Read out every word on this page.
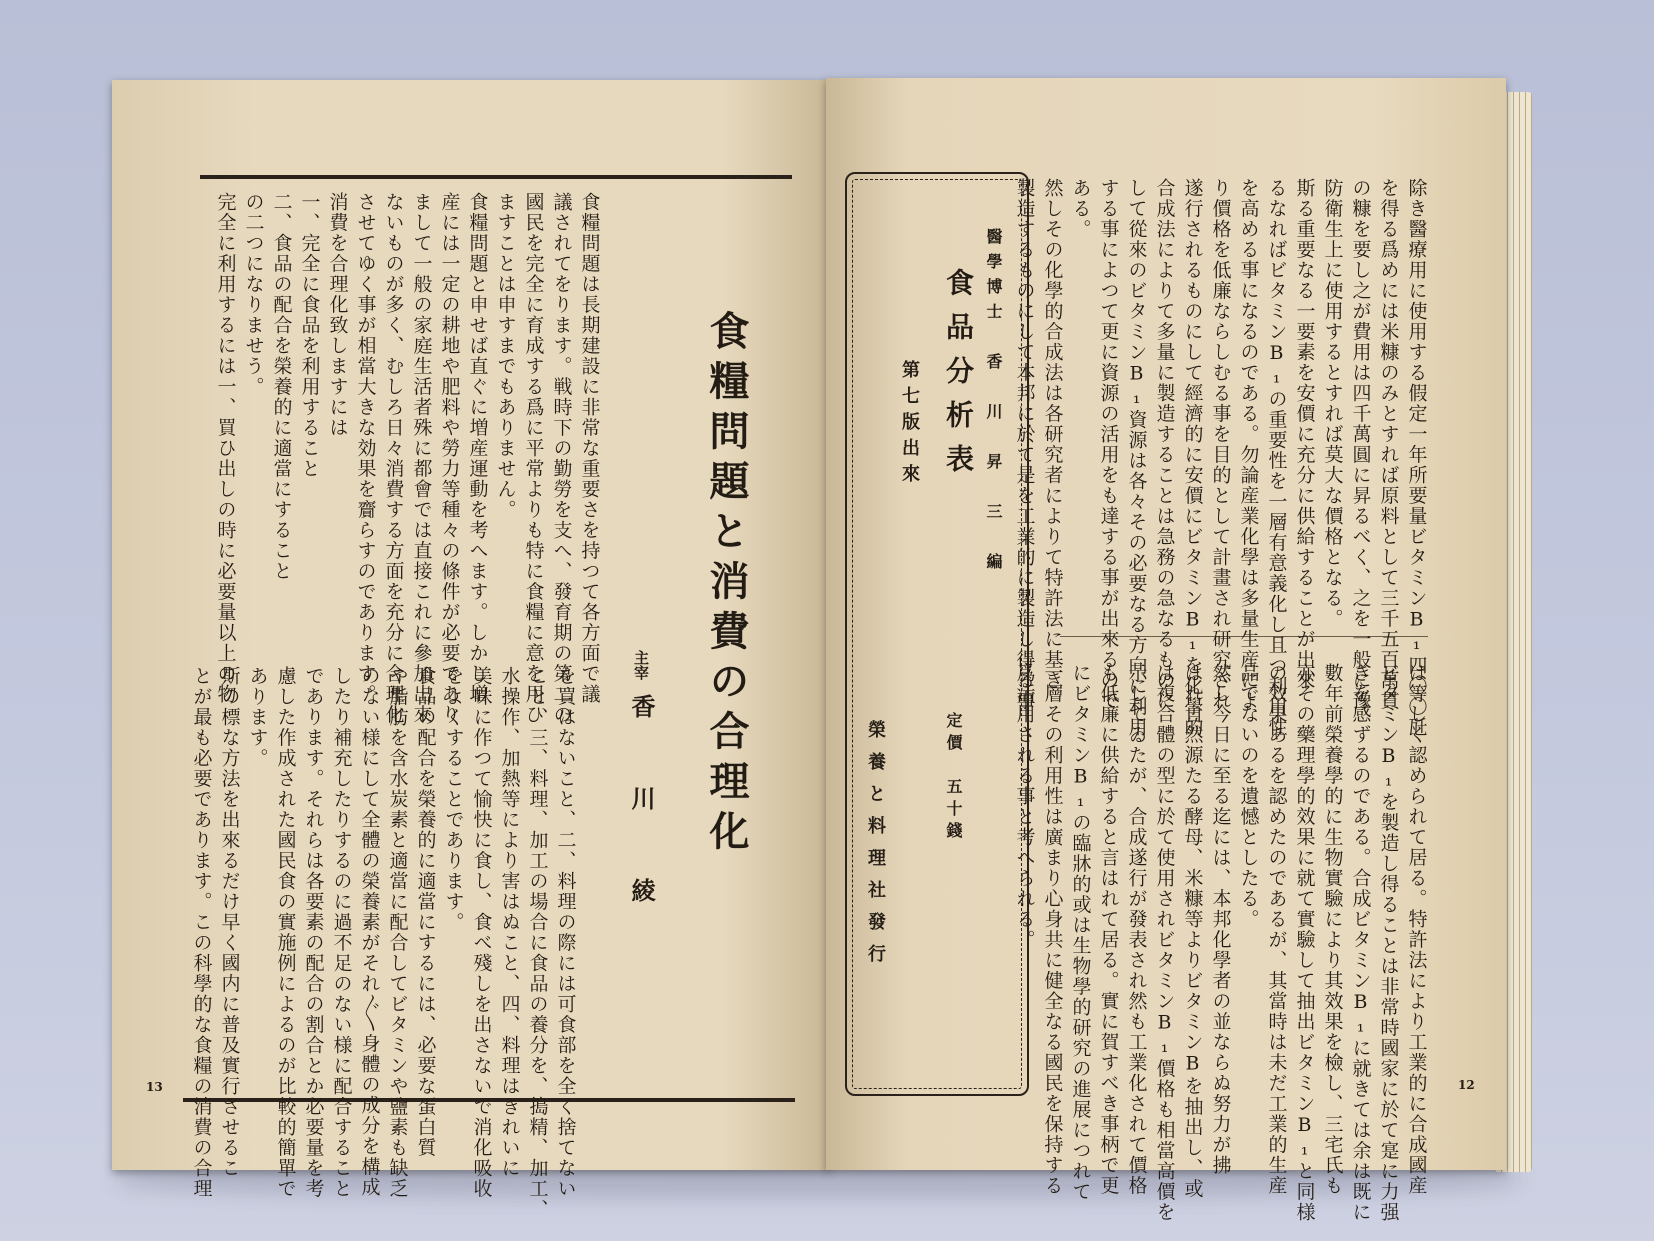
食糧問題は長期建設に非常な重要さを持つて各方面で議
議されてをります。戦時下の勤勞を支へ、發育期の第二の
國民を完全に育成する爲に平常よりも特に食糧に意を用ひ
ますことは申すまでもありません。
食糧問題と申せば直ぐに増産運動を考へます。しかし増
産には一定の耕地や肥料や勞力等種々の條件が必要であり
まして一般の家庭生活者殊に都會では直接これに參加出來
ないものが多く、むしろ日々消費する方面を充分に合理化
させてゆく事が相當大きな効果を齎らすのであります。
消費を合理化致しますには
一、完全に食品を利用すること
二、食品の配合を榮養的に適當にすること
の二つになりませう。
完全に利用するには一、買ひ出しの時に必要量以上の物
を買はないこと、二、料理の際には可食部を全く捨てない
こと、三、料理、加工の場合に食品の養分を、搗精、加工、
水操作、加熱等により害はぬこと、四、料理はきれいに
美味に作つて愉快に食し、食べ殘しを出さないで消化吸收
をよくすることであります。
食品の配合を榮養的に適當にするには、必要な蛋白質
や脂肪を含水炭素と適當に配合してビタミンや鹽素も缺乏
のない様にして全體の榮養素がそれ〴〵身體の成分を構成
したり補充したりするのに過不足のない様に配合すること
であります。それらは各要素の配合の割合とか必要量を考
慮した作成された國民食の實施例によるのが比較的簡單で
あります。
斯の標な方法を出來るだけ早く國内に普及實行させるこ
とが最も必要であります。この科學的な食糧の消費の合理
食糧問題と消費の合理化
主宰香　川　綾
13
除き醫療用に使用する假定一年所要量ビタミンB₁四〇〇瓩
を得る爲めには米糠のみとすれば原料として三千五百萬貫
の糠を要し之が費用は四千萬圓に昇るべく、之を一般に豫
防衛生上に使用するとすれば莫大な價格となる。
斯る重要なる一要素を安價に充分に供給することが出來
るなればビタミンB₁の重要性を一層有意義化し且つ利用性
を高める事になるのである。勿論産業化學は多量生産によ
り價格を低廉ならしむる事を目的として計畫され研究され
遂行されるものにして經濟的に安價にビタミンB₁を化學的
合成法によりて多量に製造することは急務の急なるものに
して從來のビタミンB₁資源は各々その必要なる方向に利用
する事によつて更に資源の活用をも達する事が出來るので
ある。
然しその化學的合成法は各研究者によりて特許法に基き
製造するものにして本邦に於て是を工業的に製造し得る事
は等しく認められて居る。特許法により工業的に合成國産
ビタミンB₁を製造し得ることは非常時國家に於て寔に力强
きを感ずるのである。合成ビタミンB₁に就きては余は既に
數年前榮養學的に生物實驗により其效果を檢し、三宅氏も
亦その藥理學的效果に就て實驗して抽出ビタミンB₁と同様
の效果あるを認めたのであるが、其當時は未だ工業的生産
品でないのを遺憾としたる。
然し今日に至る迄には、本邦化學者の並ならぬ努力が拂
はれ自然源たる酵母、米糠等よりビタミンBを抽出し、或
は複合體の型に於て使用されビタミンB₁價格も相當高價を
示してゐたが、合成遂行が發表され然も工業化されて價格
も低廉に供給すると言はれて居る。實に賀すべき事柄で更
にビタミンB₁の臨牀的或は生物學的研究の進展につれて
一層その利用性は廣まり心身共に健全なる國民を保持する
爲活用される事と考へられる。
醫學博士　香　川　昇　三　編
食品分析表
第七版出來
定價　五十錢
榮養と料理社發行
12
